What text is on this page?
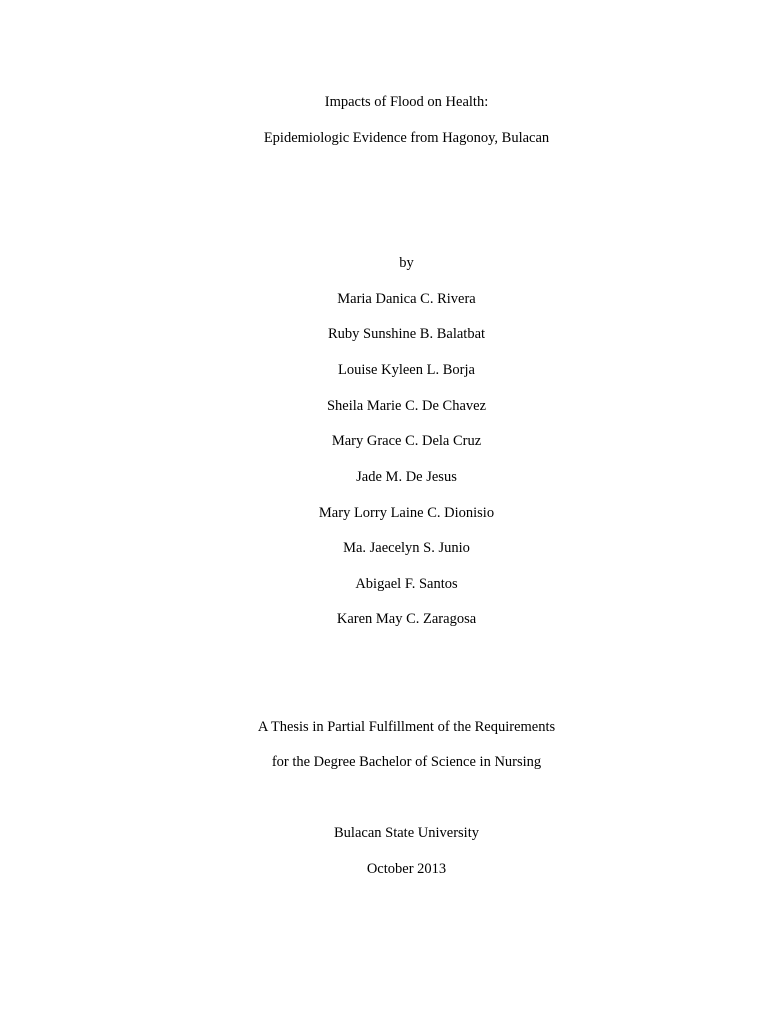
Impacts of Flood on Health:
Epidemiologic Evidence from Hagonoy, Bulacan
by
Maria Danica C. Rivera
Ruby Sunshine B. Balatbat
Louise Kyleen L. Borja
Sheila Marie C. De Chavez
Mary Grace C. Dela Cruz
Jade M. De Jesus
Mary Lorry Laine C. Dionisio
Ma. Jaecelyn S. Junio
Abigael F. Santos
Karen May C. Zaragosa
A Thesis in Partial Fulfillment of the Requirements
for the Degree Bachelor of Science in Nursing
Bulacan State University
October 2013
